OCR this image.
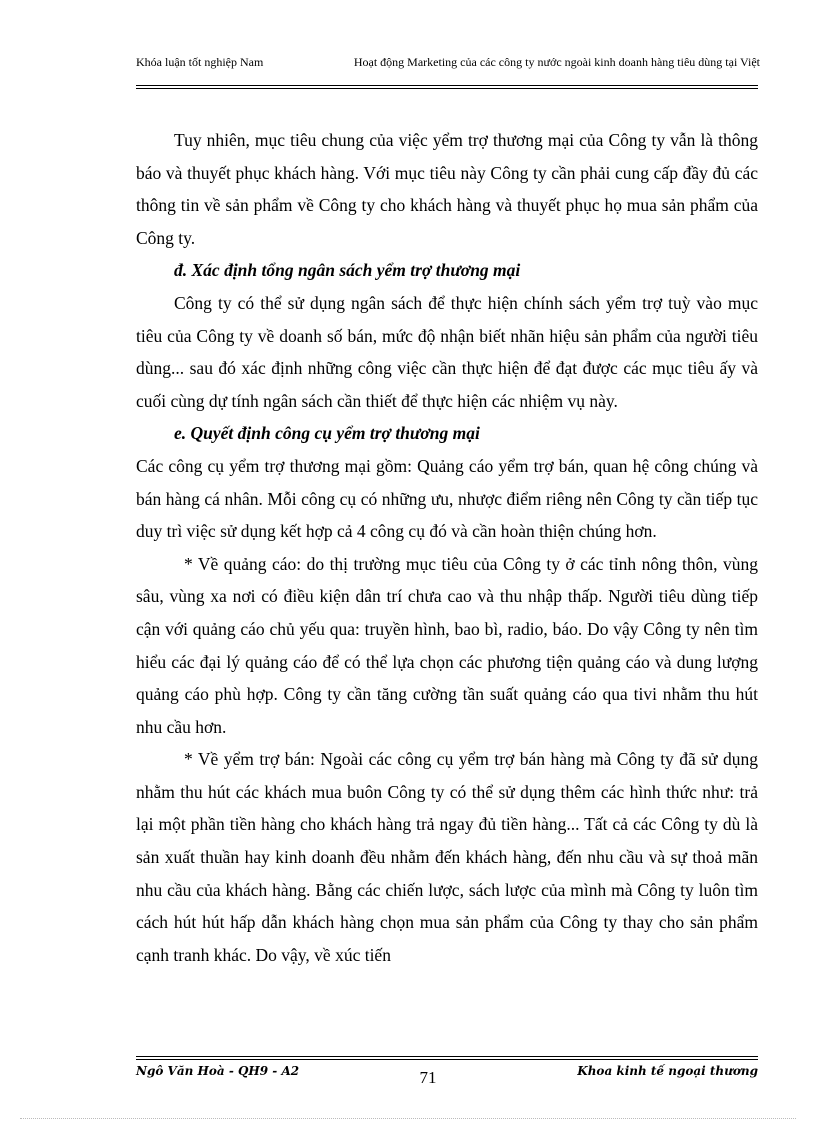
Khóa luận tốt nghiệp Nam	Hoạt động Marketing của các công ty nước ngoài kinh doanh hàng tiêu dùng tại Việt

Tuy nhiên, mục tiêu chung của việc yểm trợ thương mại của Công ty vẫn là thông báo và thuyết phục khách hàng. Với mục tiêu này Công ty cần phải cung cấp đầy đủ các thông tin về sản phẩm về Công ty cho khách hàng và thuyết phục họ mua sản phẩm của Công ty.

đ. Xác định tổng ngân sách yểm trợ thương mại

Công ty có thể sử dụng ngân sách để thực hiện chính sách yểm trợ tuỳ vào mục tiêu của Công ty về doanh số bán, mức độ nhận biết nhãn hiệu sản phẩm của người tiêu dùng... sau đó xác định những công việc cần thực hiện để đạt được các mục tiêu ấy và cuối cùng dự tính ngân sách cần thiết để thực hiện các nhiệm vụ này.

e. Quyết định công cụ yểm trợ thương mại

Các công cụ yểm trợ thương mại gồm: Quảng cáo yểm trợ bán, quan hệ công chúng và bán hàng cá nhân. Mỗi công cụ có những ưu, nhược điểm riêng nên Công ty cần tiếp tục duy trì việc sử dụng kết hợp cả 4 công cụ đó và cần hoàn thiện chúng hơn.

* Về quảng cáo: do thị trường mục tiêu của Công ty ở các tỉnh nông thôn, vùng sâu, vùng xa nơi có điều kiện dân trí chưa cao và thu nhập thấp. Người tiêu dùng tiếp cận với quảng cáo chủ yếu qua: truyền hình, bao bì, radio, báo. Do vậy Công ty nên tìm hiểu các đại lý quảng cáo để có thể lựa chọn các phương tiện quảng cáo và dung lượng quảng cáo phù hợp. Công ty cần tăng cường tần suất quảng cáo qua tivi nhằm thu hút nhu cầu hơn.

* Về yểm trợ bán: Ngoài các công cụ yểm trợ bán hàng mà Công ty đã sử dụng nhằm thu hút các khách mua buôn Công ty có thể sử dụng thêm các hình thức như: trả lại một phần tiền hàng cho khách hàng trả ngay đủ tiền hàng... Tất cả các Công ty dù là sản xuất thuần hay kinh doanh đều nhằm đến khách hàng, đến nhu cầu và sự thoả mãn nhu cầu của khách hàng. Bằng các chiến lược, sách lược của mình mà Công ty luôn tìm cách hút hút hấp dẫn khách hàng chọn mua sản phẩm của Công ty thay cho sản phẩm cạnh tranh khác. Do vậy, về xúc tiến

Ngô Văn Hoà - QH9 - A2	71	Khoa kinh tế ngoại thương
